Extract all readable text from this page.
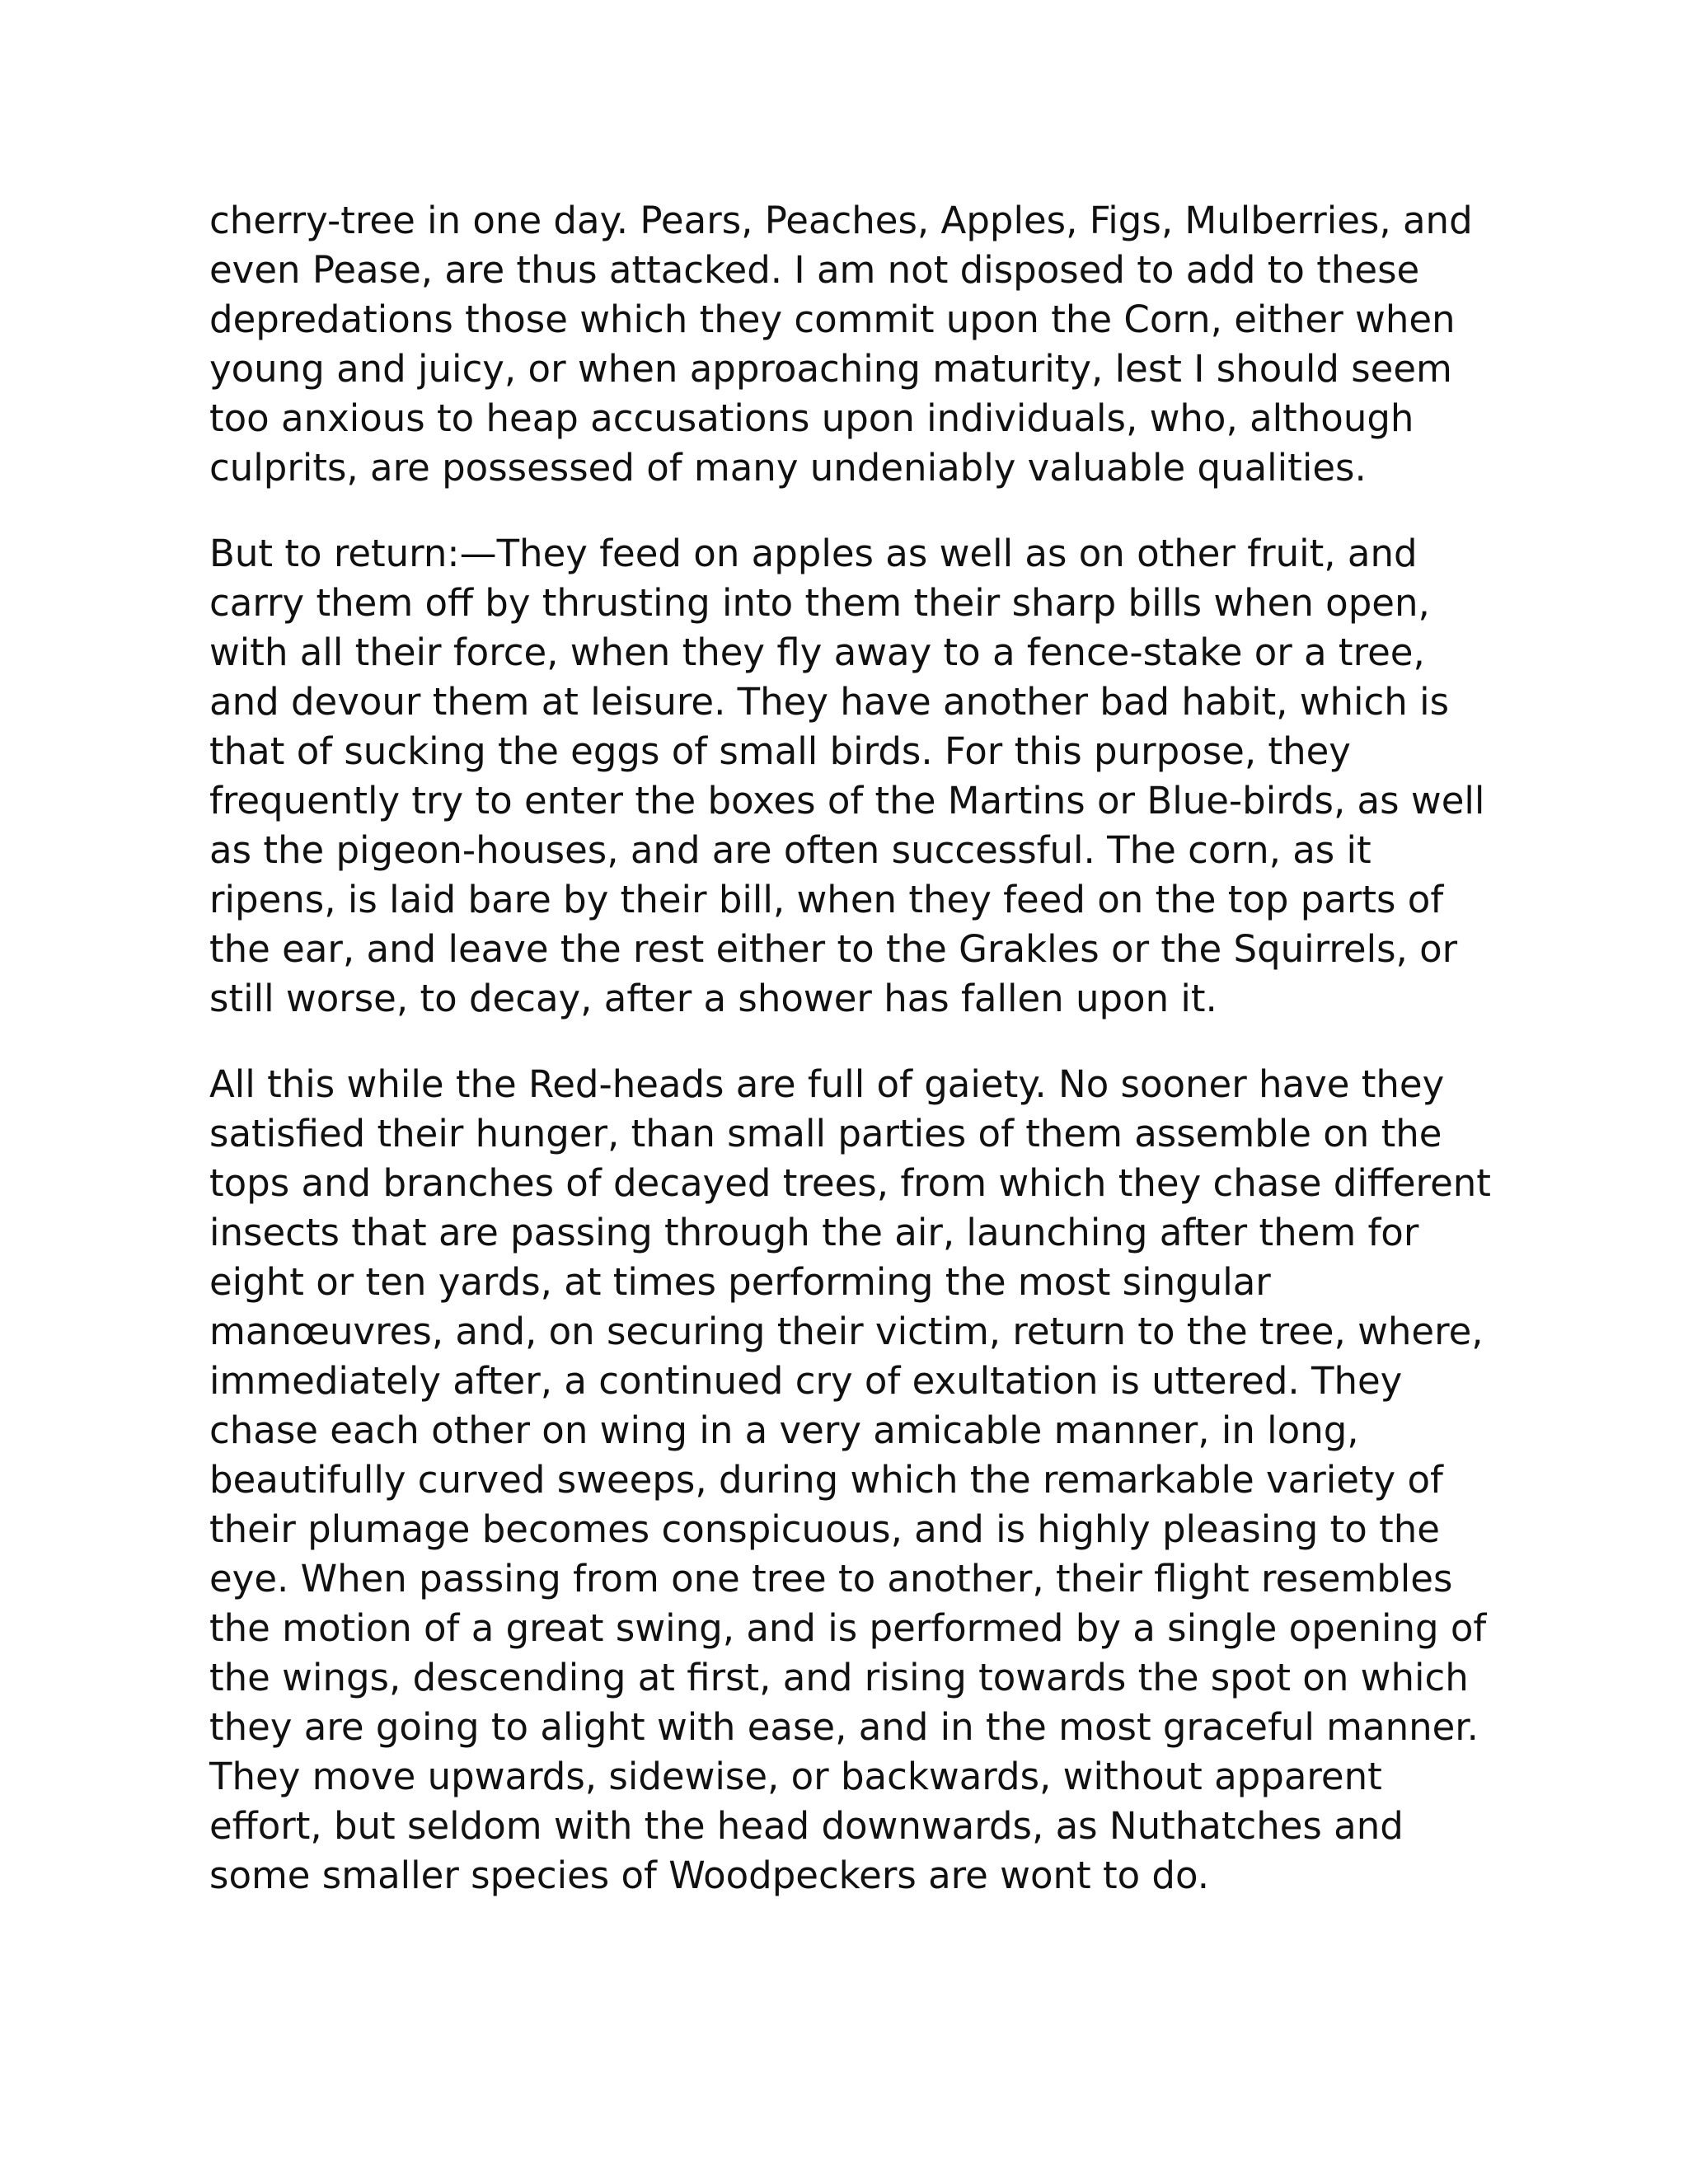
cherry-tree in one day. Pears, Peaches, Apples, Figs, Mulberries, and
even Pease, are thus attacked. I am not disposed to add to these
depredations those which they commit upon the Corn, either when
young and juicy, or when approaching maturity, lest I should seem
too anxious to heap accusations upon individuals, who, although
culprits, are possessed of many undeniably valuable qualities.

But to return:—They feed on apples as well as on other fruit, and
carry them off by thrusting into them their sharp bills when open,
with all their force, when they fly away to a fence-stake or a tree,
and devour them at leisure. They have another bad habit, which is
that of sucking the eggs of small birds. For this purpose, they
frequently try to enter the boxes of the Martins or Blue-birds, as well
as the pigeon-houses, and are often successful. The corn, as it
ripens, is laid bare by their bill, when they feed on the top parts of
the ear, and leave the rest either to the Grakles or the Squirrels, or
still worse, to decay, after a shower has fallen upon it.

All this while the Red-heads are full of gaiety. No sooner have they
satisfied their hunger, than small parties of them assemble on the
tops and branches of decayed trees, from which they chase different
insects that are passing through the air, launching after them for
eight or ten yards, at times performing the most singular
manœuvres, and, on securing their victim, return to the tree, where,
immediately after, a continued cry of exultation is uttered. They
chase each other on wing in a very amicable manner, in long,
beautifully curved sweeps, during which the remarkable variety of
their plumage becomes conspicuous, and is highly pleasing to the
eye. When passing from one tree to another, their flight resembles
the motion of a great swing, and is performed by a single opening of
the wings, descending at first, and rising towards the spot on which
they are going to alight with ease, and in the most graceful manner.
They move upwards, sidewise, or backwards, without apparent
effort, but seldom with the head downwards, as Nuthatches and
some smaller species of Woodpeckers are wont to do.
